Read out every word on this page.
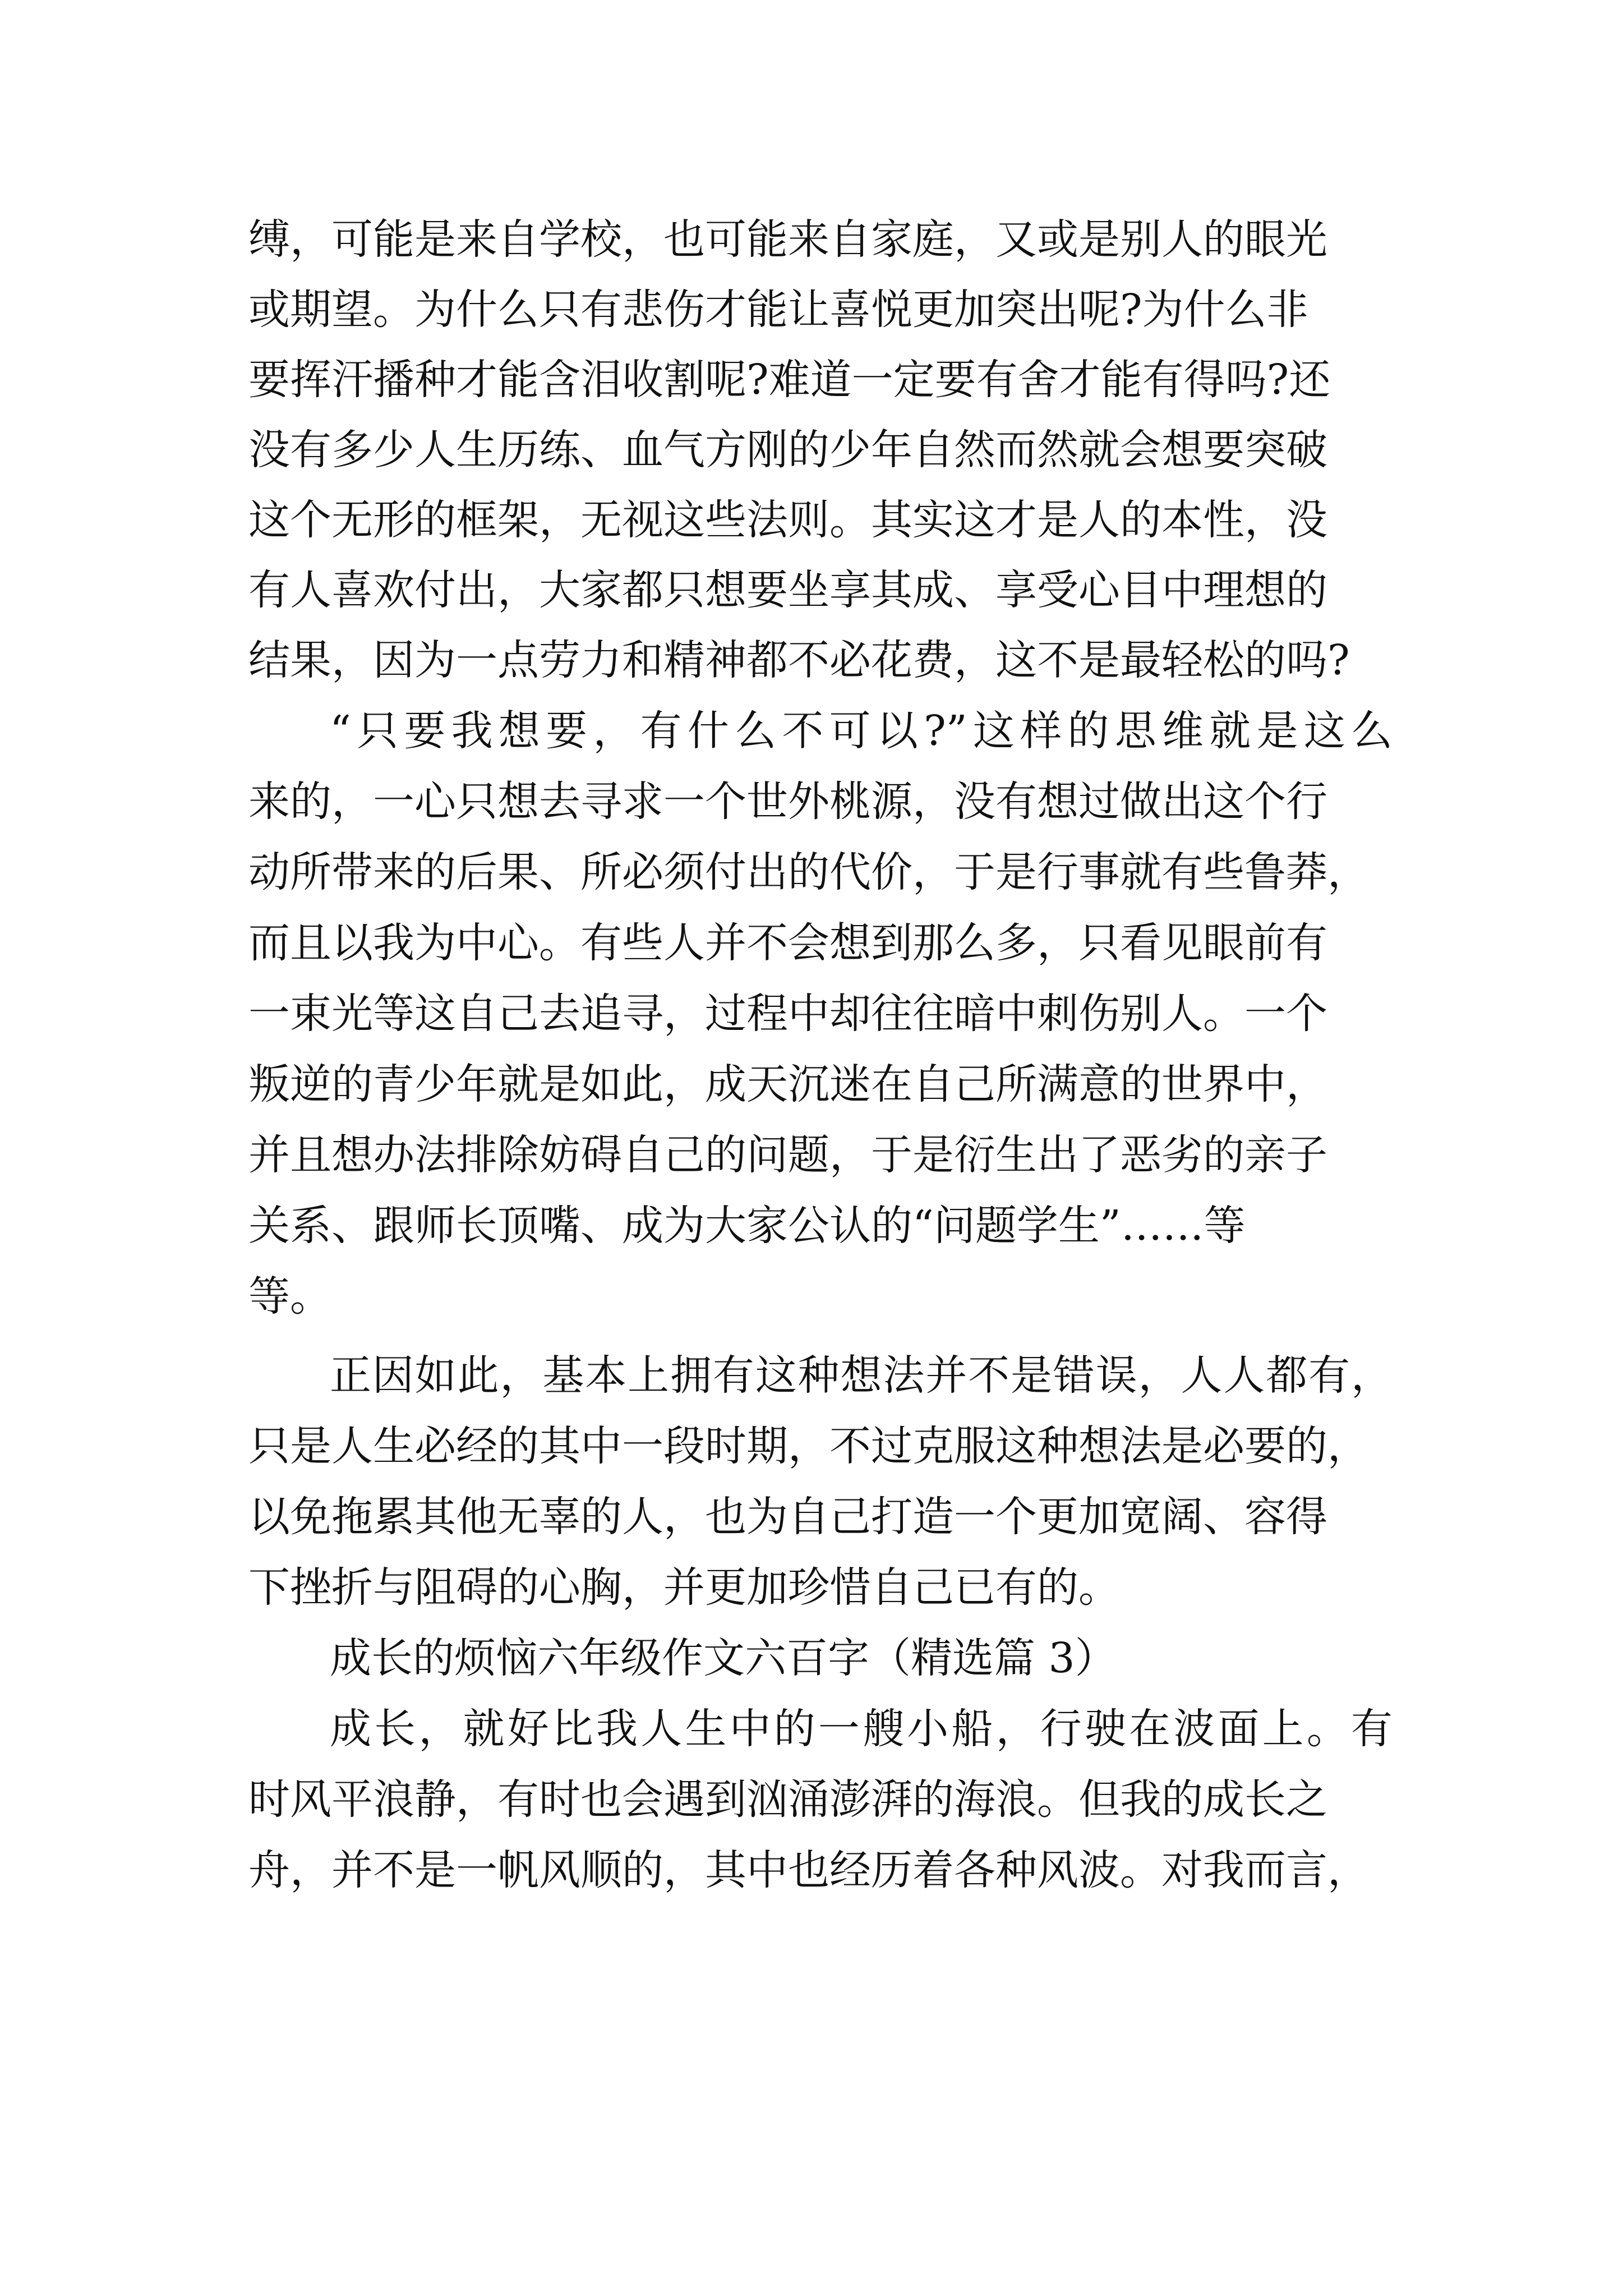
缚，可能是来自学校，也可能来自家庭，又或是别人的眼光
或期望。为什么只有悲伤才能让喜悦更加突出呢?为什么非
要挥汗播种才能含泪收割呢?难道一定要有舍才能有得吗?还
没有多少人生历练、血气方刚的少年自然而然就会想要突破
这个无形的框架，无视这些法则。其实这才是人的本性，没
有人喜欢付出，大家都只想要坐享其成、享受心目中理想的
结果，因为一点劳力和精神都不必花费，这不是最轻松的吗?
“只要我想要，有什么不可以?”这样的思维就是这么
来的，一心只想去寻求一个世外桃源，没有想过做出这个行
动所带来的后果、所必须付出的代价，于是行事就有些鲁莽，
而且以我为中心。有些人并不会想到那么多，只看见眼前有
一束光等这自己去追寻，过程中却往往暗中刺伤别人。一个
叛逆的青少年就是如此，成天沉迷在自己所满意的世界中，
并且想办法排除妨碍自己的问题，于是衍生出了恶劣的亲子
关系、跟师长顶嘴、成为大家公认的“问题学生”……等
等。
正因如此，基本上拥有这种想法并不是错误，人人都有，
只是人生必经的其中一段时期，不过克服这种想法是必要的，
以免拖累其他无辜的人，也为自己打造一个更加宽阔、容得
下挫折与阻碍的心胸，并更加珍惜自己已有的。
成长的烦恼六年级作文六百字（精选篇 3）
成长，就好比我人生中的一艘小船，行驶在波面上。有
时风平浪静，有时也会遇到汹涌澎湃的海浪。但我的成长之
舟，并不是一帆风顺的，其中也经历着各种风波。对我而言，
